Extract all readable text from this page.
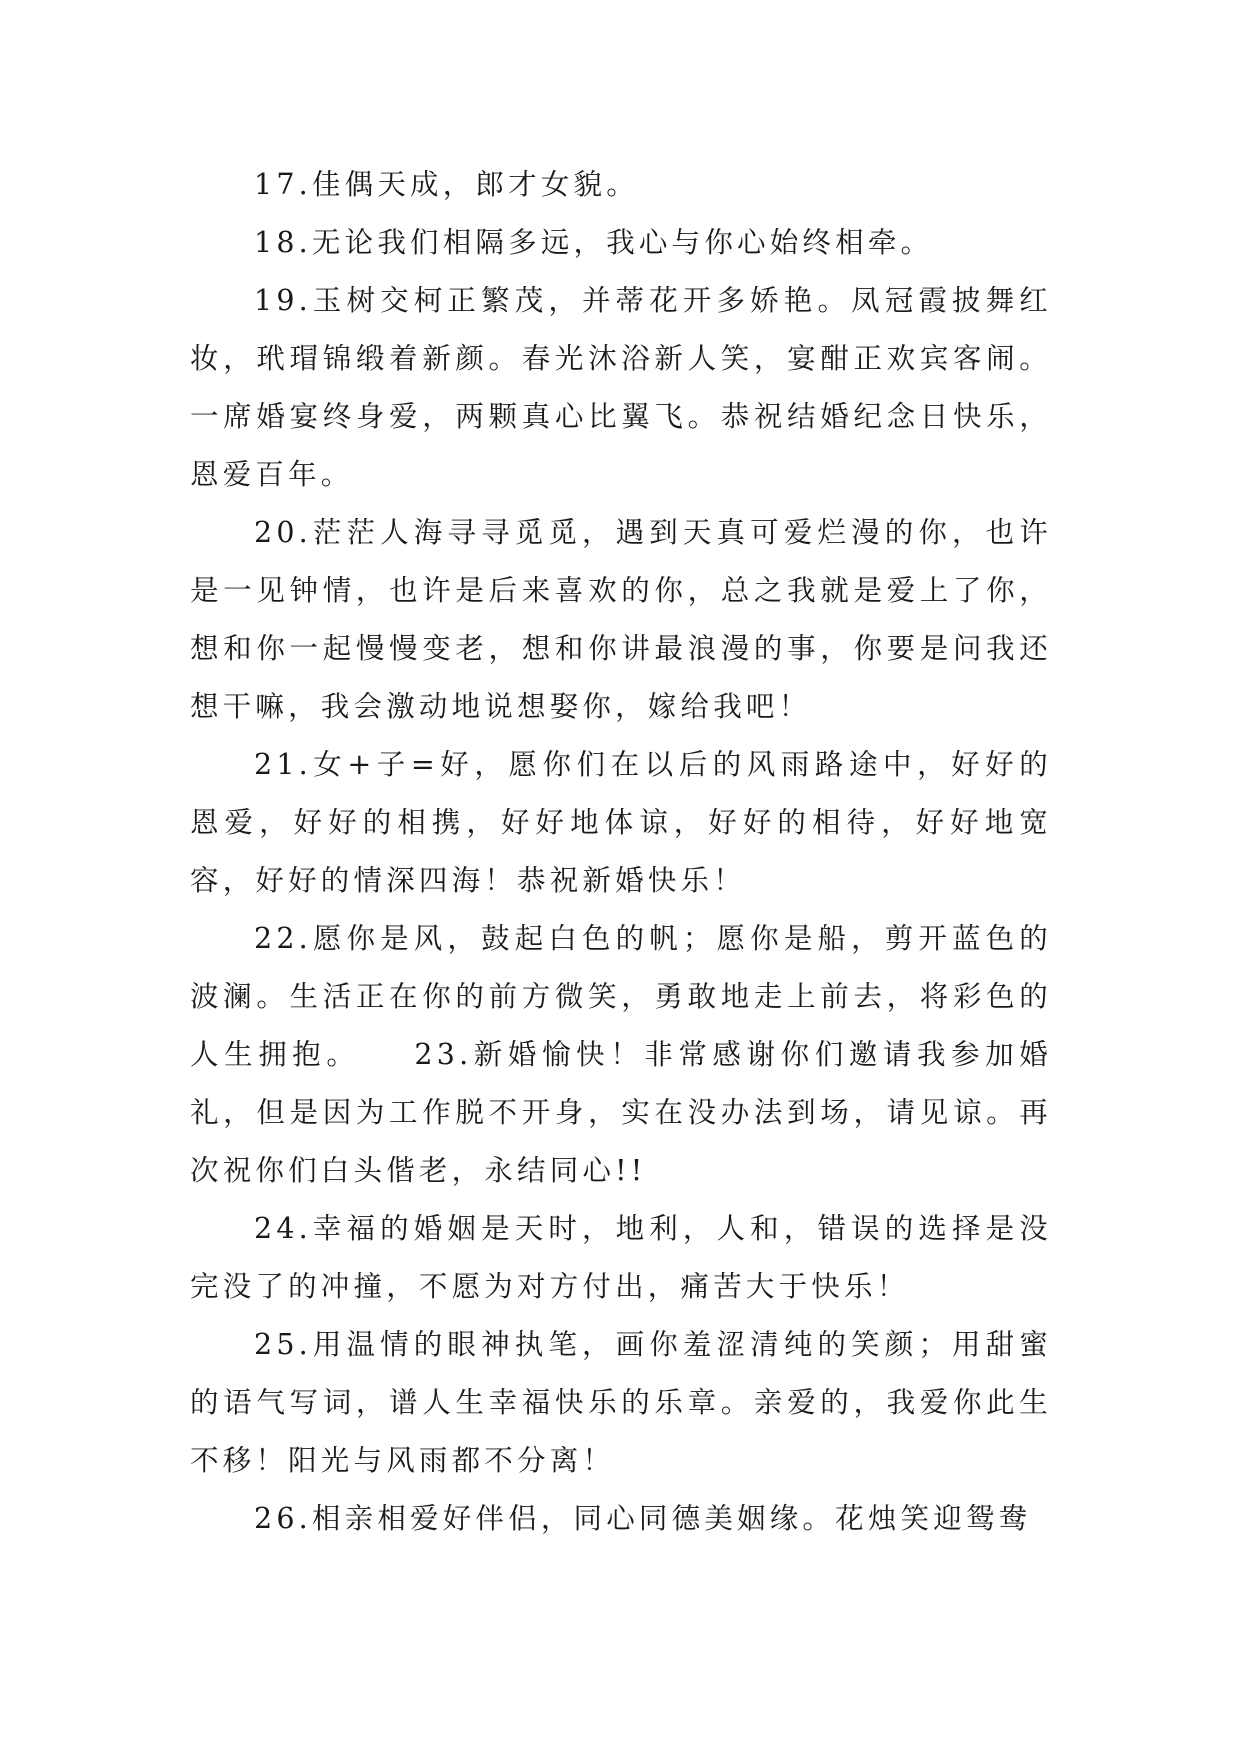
17.佳偶天成，郎才女貌。

18.无论我们相隔多远，我心与你心始终相牵。

19.玉树交柯正繁茂，并蒂花开多娇艳。凤冠霞披舞红妆，玳瑁锦缎着新颜。春光沐浴新人笑，宴酣正欢宾客闹。一席婚宴终身爱，两颗真心比翼飞。恭祝结婚纪念日快乐，恩爱百年。

20.茫茫人海寻寻觅觅，遇到天真可爱烂漫的你，也许是一见钟情，也许是后来喜欢的你，总之我就是爱上了你，想和你一起慢慢变老，想和你讲最浪漫的事，你要是问我还想干嘛，我会激动地说想娶你，嫁给我吧！

21.女+子=好，愿你们在以后的风雨路途中，好好的恩爱，好好的相携，好好地体谅，好好的相待，好好地宽容，好好的情深四海！恭祝新婚快乐！

22.愿你是风，鼓起白色的帆；愿你是船，剪开蓝色的波澜。生活正在你的前方微笑，勇敢地走上前去，将彩色的人生拥抱。　　23.新婚愉快！非常感谢你们邀请我参加婚礼，但是因为工作脱不开身，实在没办法到场，请见谅。再次祝你们白头偕老，永结同心!!

24.幸福的婚姻是天时，地利，人和，错误的选择是没完没了的冲撞，不愿为对方付出，痛苦大于快乐！

25.用温情的眼神执笔，画你羞涩清纯的笑颜；用甜蜜的语气写词，谱人生幸福快乐的乐章。亲爱的，我爱你此生不移！阳光与风雨都不分离！

26.相亲相爱好伴侣，同心同德美姻缘。花烛笑迎鸳鸯
